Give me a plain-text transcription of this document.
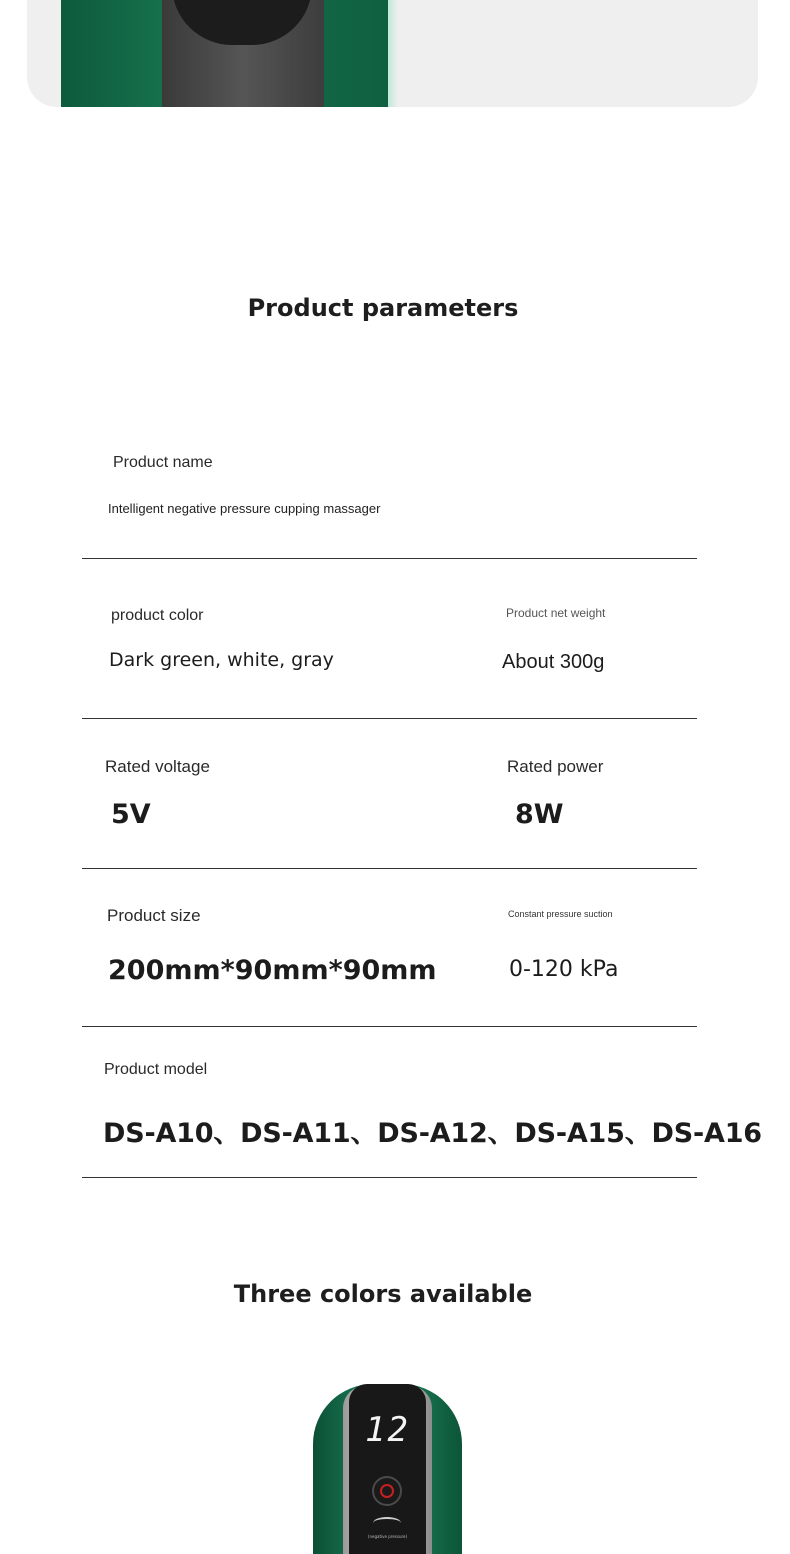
Product parameters
Product name
Intelligent negative pressure cupping massager
product color
Dark green, white, gray
Product net weight
About 300g
Rated voltage
5V
Rated power
8W
Product size
200mm*90mm*90mm
Constant pressure suction
0-120 kPa
Product model
DS-A10、DS-A11、DS-A12、DS-A15、DS-A16
Three colors available
12
(negative pressure)
